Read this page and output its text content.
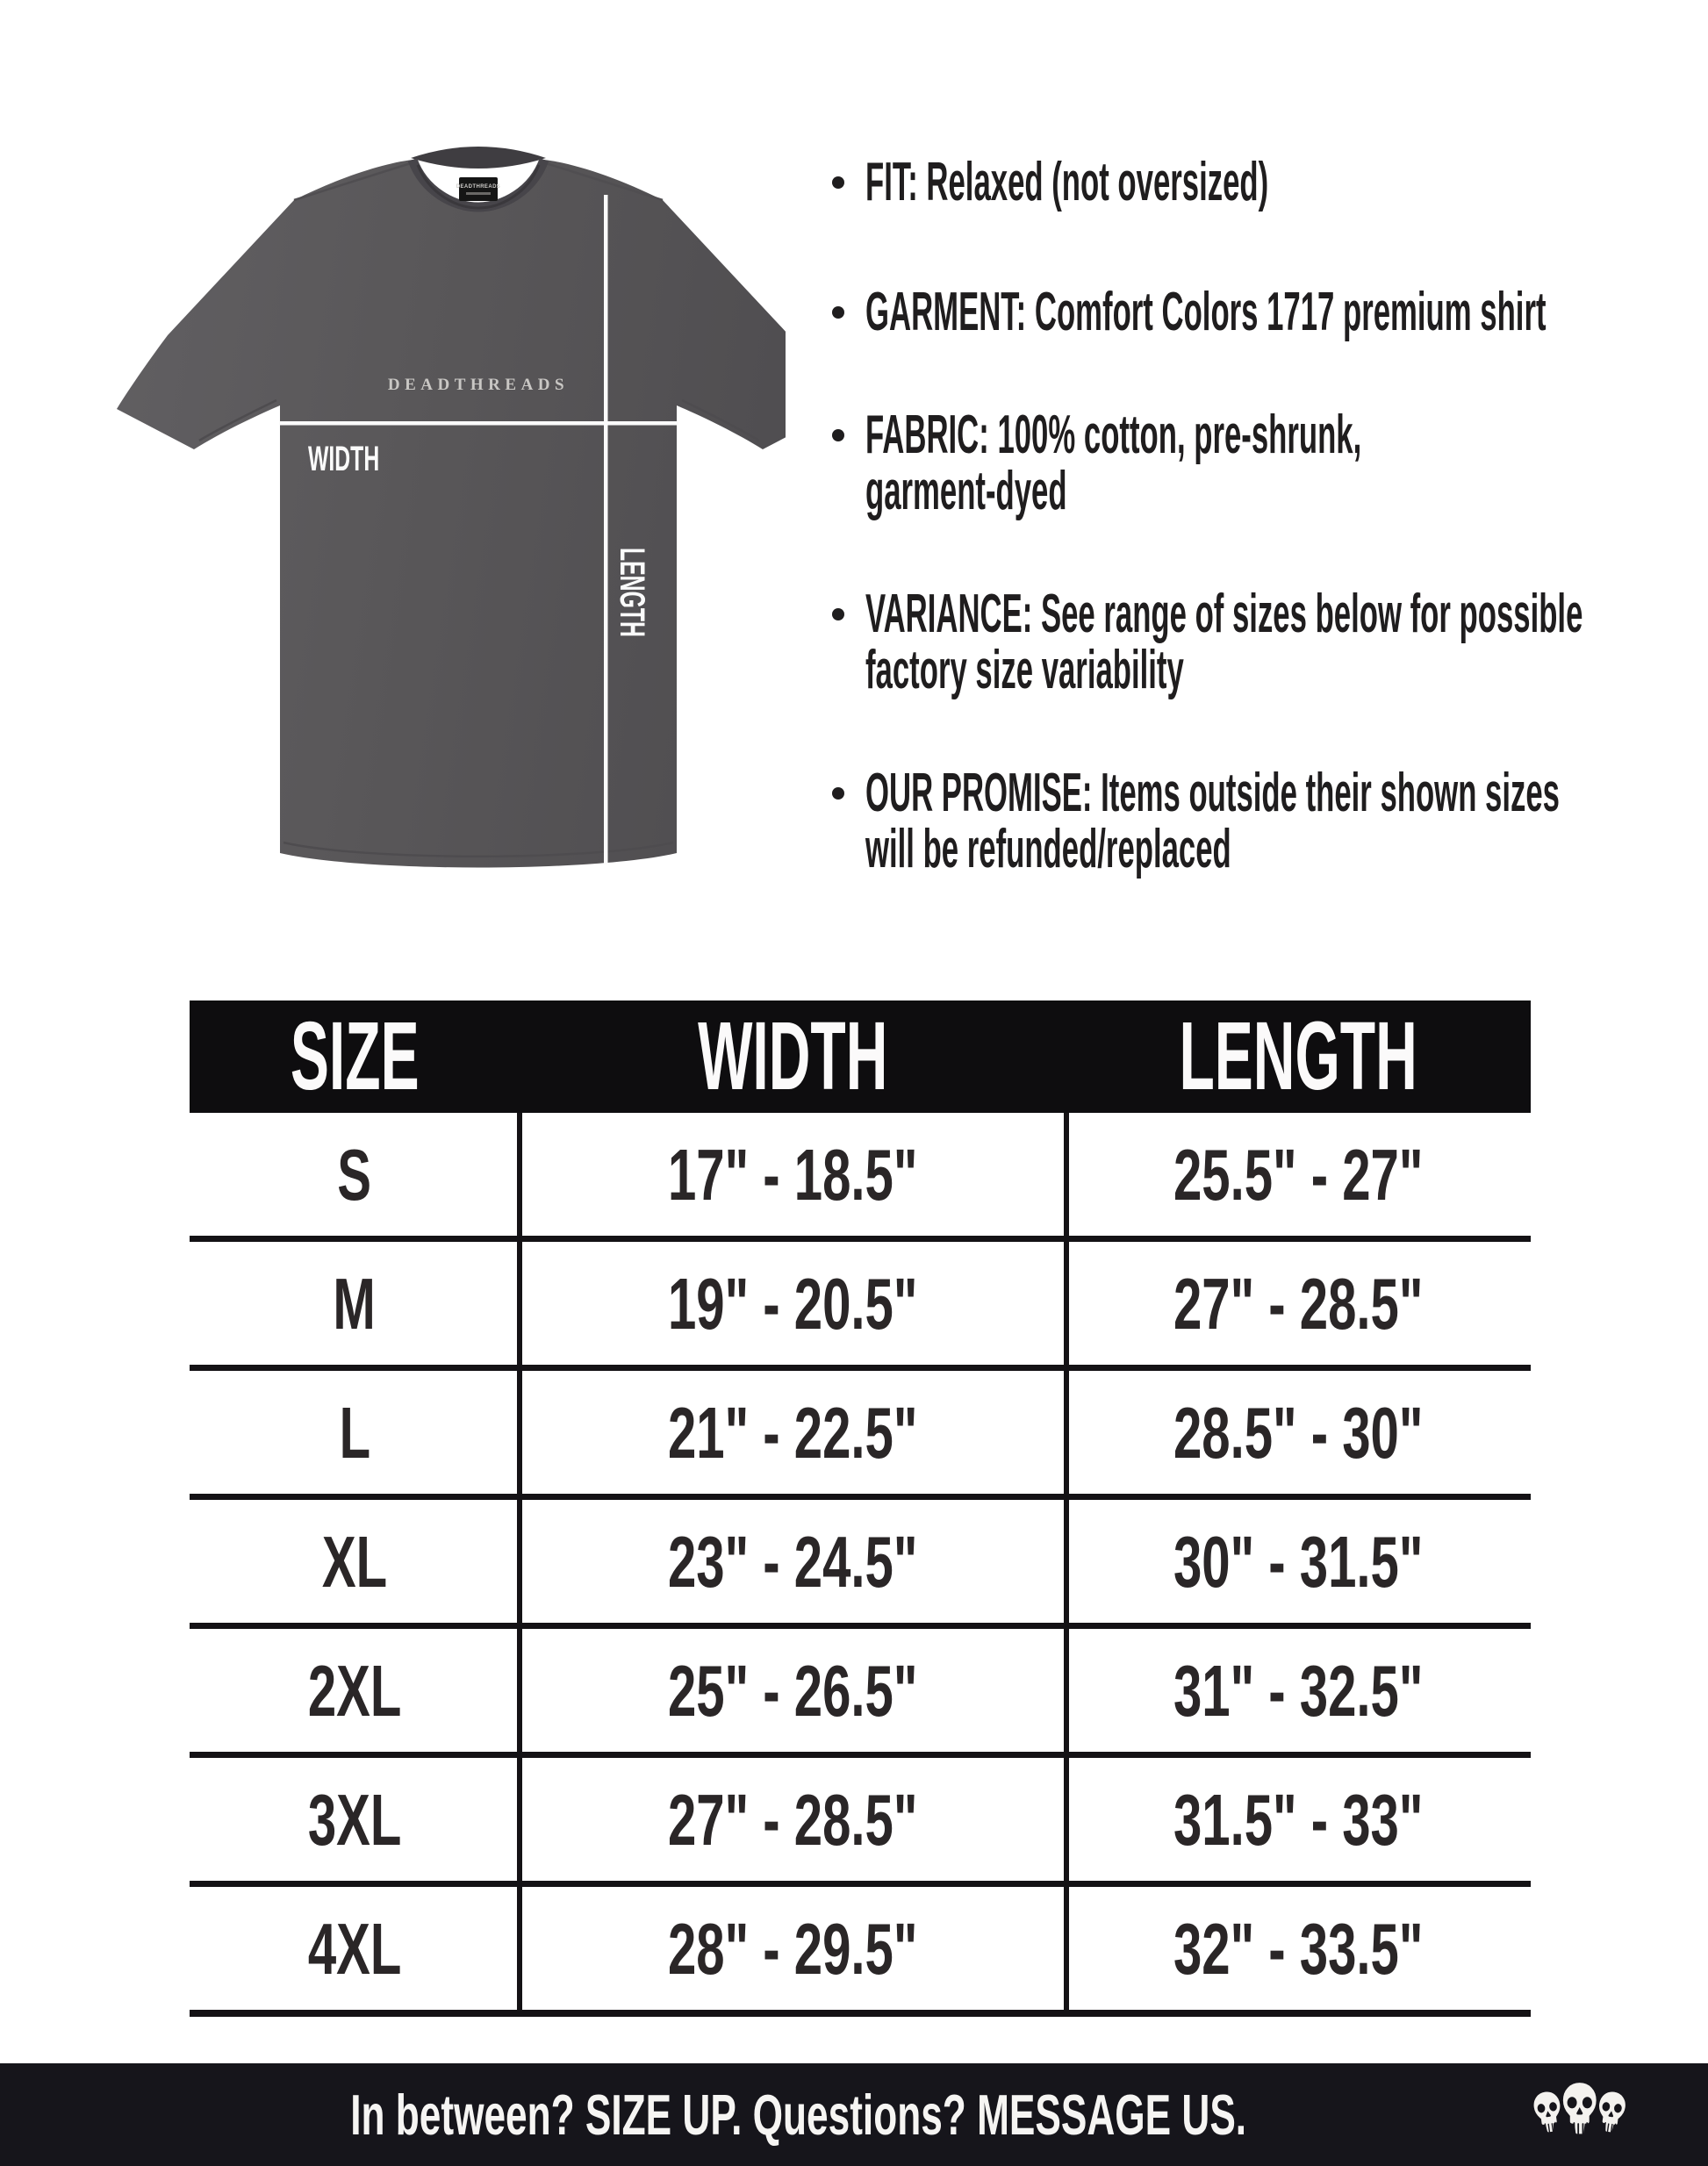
DEADTHREADS
DEADTHREADS
WIDTH
LENGTH
FIT: Relaxed (not oversized)
GARMENT: Comfort Colors 1717 premium shirt
FABRIC: 100% cotton, pre-shrunk,
garment-dyed
VARIANCE: See range of sizes below for possible
factory size variability
OUR PROMISE: Items outside their shown sizes
will be refunded/replaced
SIZE	WIDTH	LENGTH
S	17" - 18.5"	25.5" - 27"
M	19" - 20.5"	27" - 28.5"
L	21" - 22.5"	28.5" - 30"
XL	23" - 24.5"	30" - 31.5"
2XL	25" - 26.5"	31" - 32.5"
3XL	27" - 28.5"	31.5" - 33"
4XL	28" - 29.5"	32" - 33.5"
In between? SIZE UP. Questions? MESSAGE US.
